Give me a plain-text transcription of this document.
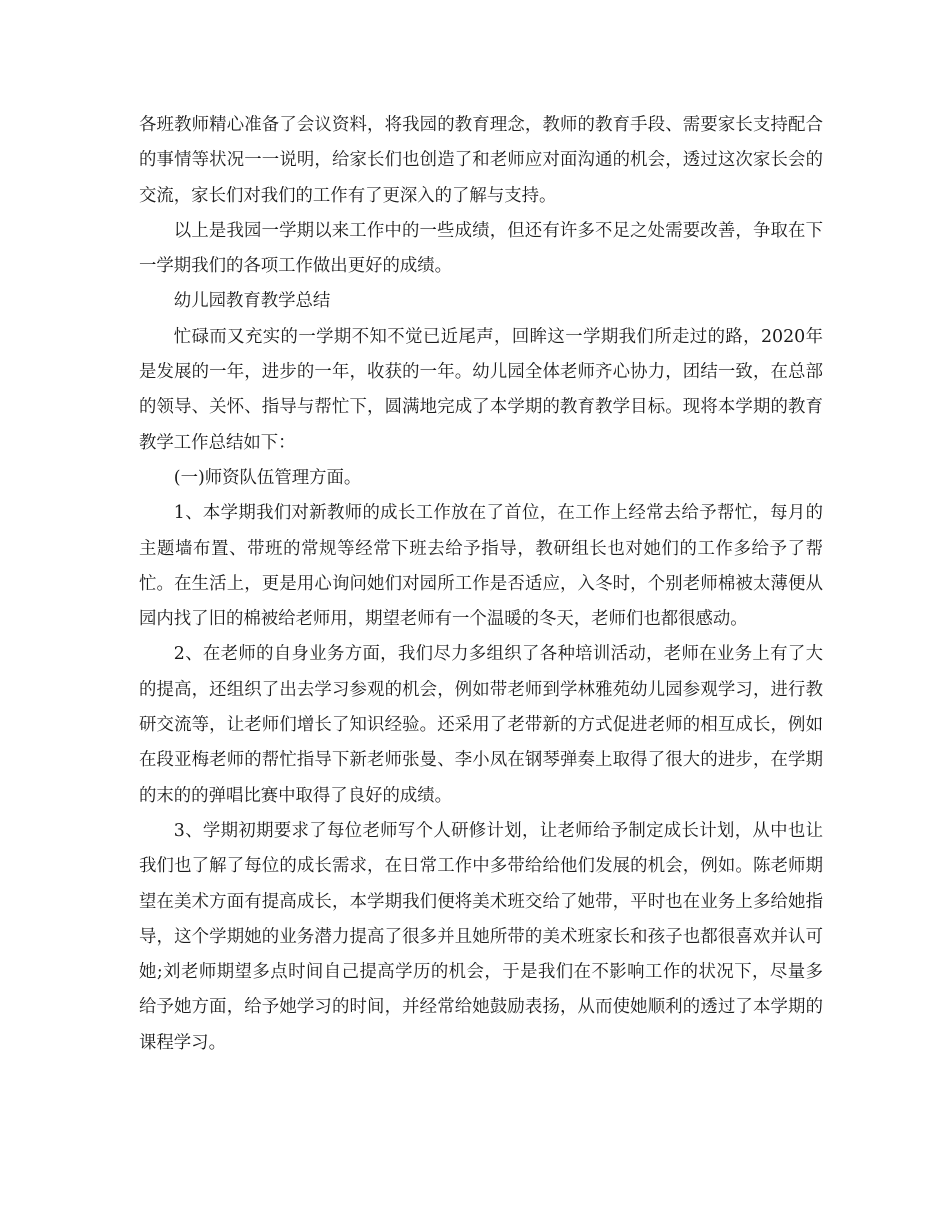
各班教师精心准备了会议资料，将我园的教育理念，教师的教育手段、需要家长支持配合的事情等状况一一说明，给家长们也创造了和老师应对面沟通的机会，透过这次家长会的交流，家长们对我们的工作有了更深入的了解与支持。

以上是我园一学期以来工作中的一些成绩，但还有许多不足之处需要改善，争取在下一学期我们的各项工作做出更好的成绩。

幼儿园教育教学总结

忙碌而又充实的一学期不知不觉已近尾声，回眸这一学期我们所走过的路，2020年是发展的一年，进步的一年，收获的一年。幼儿园全体老师齐心协力，团结一致，在总部的领导、关怀、指导与帮忙下，圆满地完成了本学期的教育教学目标。现将本学期的教育教学工作总结如下：

(一)师资队伍管理方面。

1、本学期我们对新教师的成长工作放在了首位，在工作上经常去给予帮忙，每月的主题墙布置、带班的常规等经常下班去给予指导，教研组长也对她们的工作多给予了帮忙。在生活上，更是用心询问她们对园所工作是否适应，入冬时，个别老师棉被太薄便从园内找了旧的棉被给老师用，期望老师有一个温暖的冬天，老师们也都很感动。

2、在老师的自身业务方面，我们尽力多组织了各种培训活动，老师在业务上有了大的提高，还组织了出去学习参观的机会，例如带老师到学林雅苑幼儿园参观学习，进行教研交流等，让老师们增长了知识经验。还采用了老带新的方式促进老师的相互成长，例如在段亚梅老师的帮忙指导下新老师张曼、李小凤在钢琴弹奏上取得了很大的进步，在学期的末的的弹唱比赛中取得了良好的成绩。

3、学期初期要求了每位老师写个人研修计划，让老师给予制定成长计划，从中也让我们也了解了每位的成长需求，在日常工作中多带给给他们发展的机会，例如。陈老师期望在美术方面有提高成长，本学期我们便将美术班交给了她带，平时也在业务上多给她指导，这个学期她的业务潜力提高了很多并且她所带的美术班家长和孩子也都很喜欢并认可她;刘老师期望多点时间自己提高学历的机会，于是我们在不影响工作的状况下，尽量多给予她方面，给予她学习的时间，并经常给她鼓励表扬，从而使她顺利的透过了本学期的课程学习。
